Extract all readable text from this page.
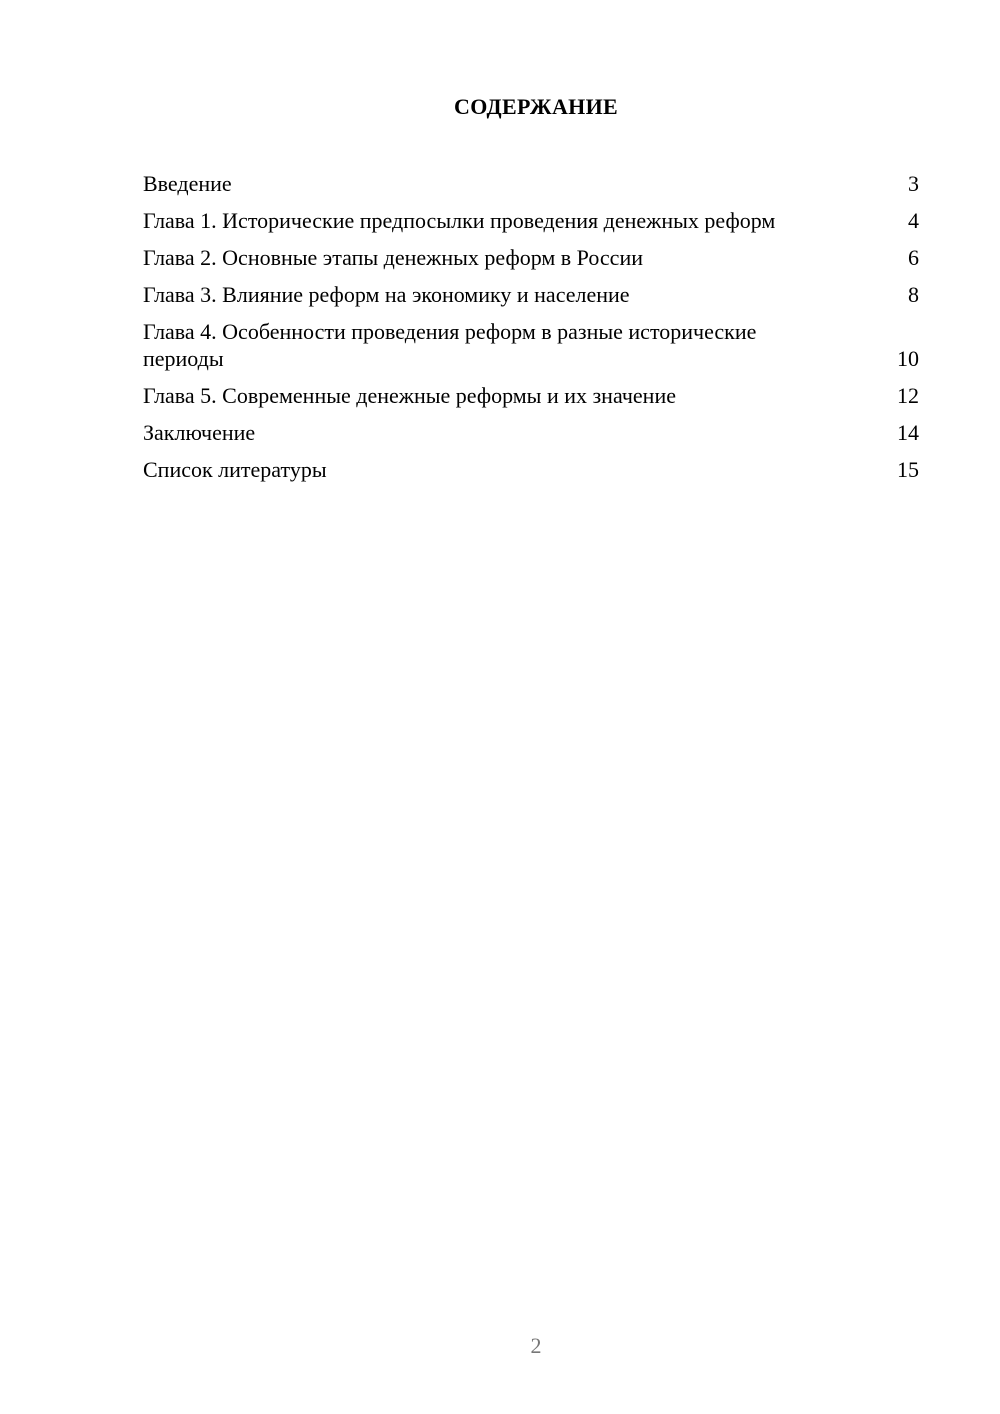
СОДЕРЖАНИЕ
Введение	3
Глава 1. Исторические предпосылки проведения денежных реформ	4
Глава 2. Основные этапы денежных реформ в России	6
Глава 3. Влияние реформ на экономику и население	8
Глава 4. Особенности проведения реформ в разные исторические периоды	10
Глава 5. Современные денежные реформы и их значение	12
Заключение	14
Список литературы	15
2
